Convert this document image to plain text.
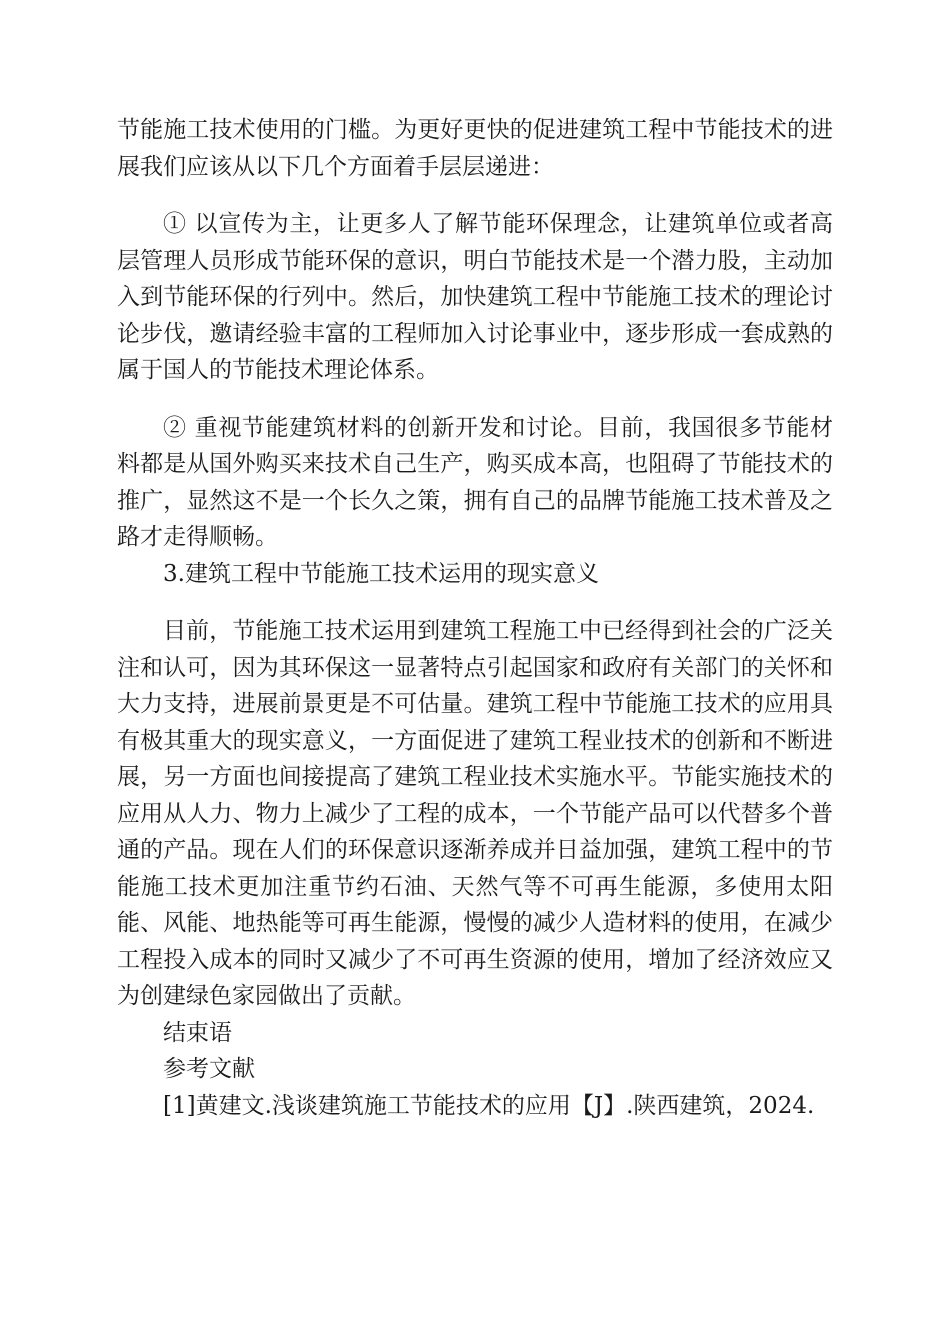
节能施工技术使用的门槛。为更好更快的促进建筑工程中节能技术的进展我们应该从以下几个方面着手层层递进：

① 以宣传为主，让更多人了解节能环保理念，让建筑单位或者高层管理人员形成节能环保的意识，明白节能技术是一个潜力股，主动加入到节能环保的行列中。然后，加快建筑工程中节能施工技术的理论讨论步伐，邀请经验丰富的工程师加入讨论事业中，逐步形成一套成熟的属于国人的节能技术理论体系。

② 重视节能建筑材料的创新开发和讨论。目前，我国很多节能材料都是从国外购买来技术自己生产，购买成本高，也阻碍了节能技术的推广，显然这不是一个长久之策，拥有自己的品牌节能施工技术普及之路才走得顺畅。

3.建筑工程中节能施工技术运用的现实意义

目前，节能施工技术运用到建筑工程施工中已经得到社会的广泛关注和认可，因为其环保这一显著特点引起国家和政府有关部门的关怀和大力支持，进展前景更是不可估量。建筑工程中节能施工技术的应用具有极其重大的现实意义，一方面促进了建筑工程业技术的创新和不断进展，另一方面也间接提高了建筑工程业技术实施水平。节能实施技术的应用从人力、物力上减少了工程的成本，一个节能产品可以代替多个普通的产品。现在人们的环保意识逐渐养成并日益加强，建筑工程中的节能施工技术更加注重节约石油、天然气等不可再生能源，多使用太阳能、风能、地热能等可再生能源，慢慢的减少人造材料的使用，在减少工程投入成本的同时又减少了不可再生资源的使用，增加了经济效应又为创建绿色家园做出了贡献。

结束语

参考文献

[1]黄建文.浅谈建筑施工节能技术的应用【J】.陕西建筑，2024.
